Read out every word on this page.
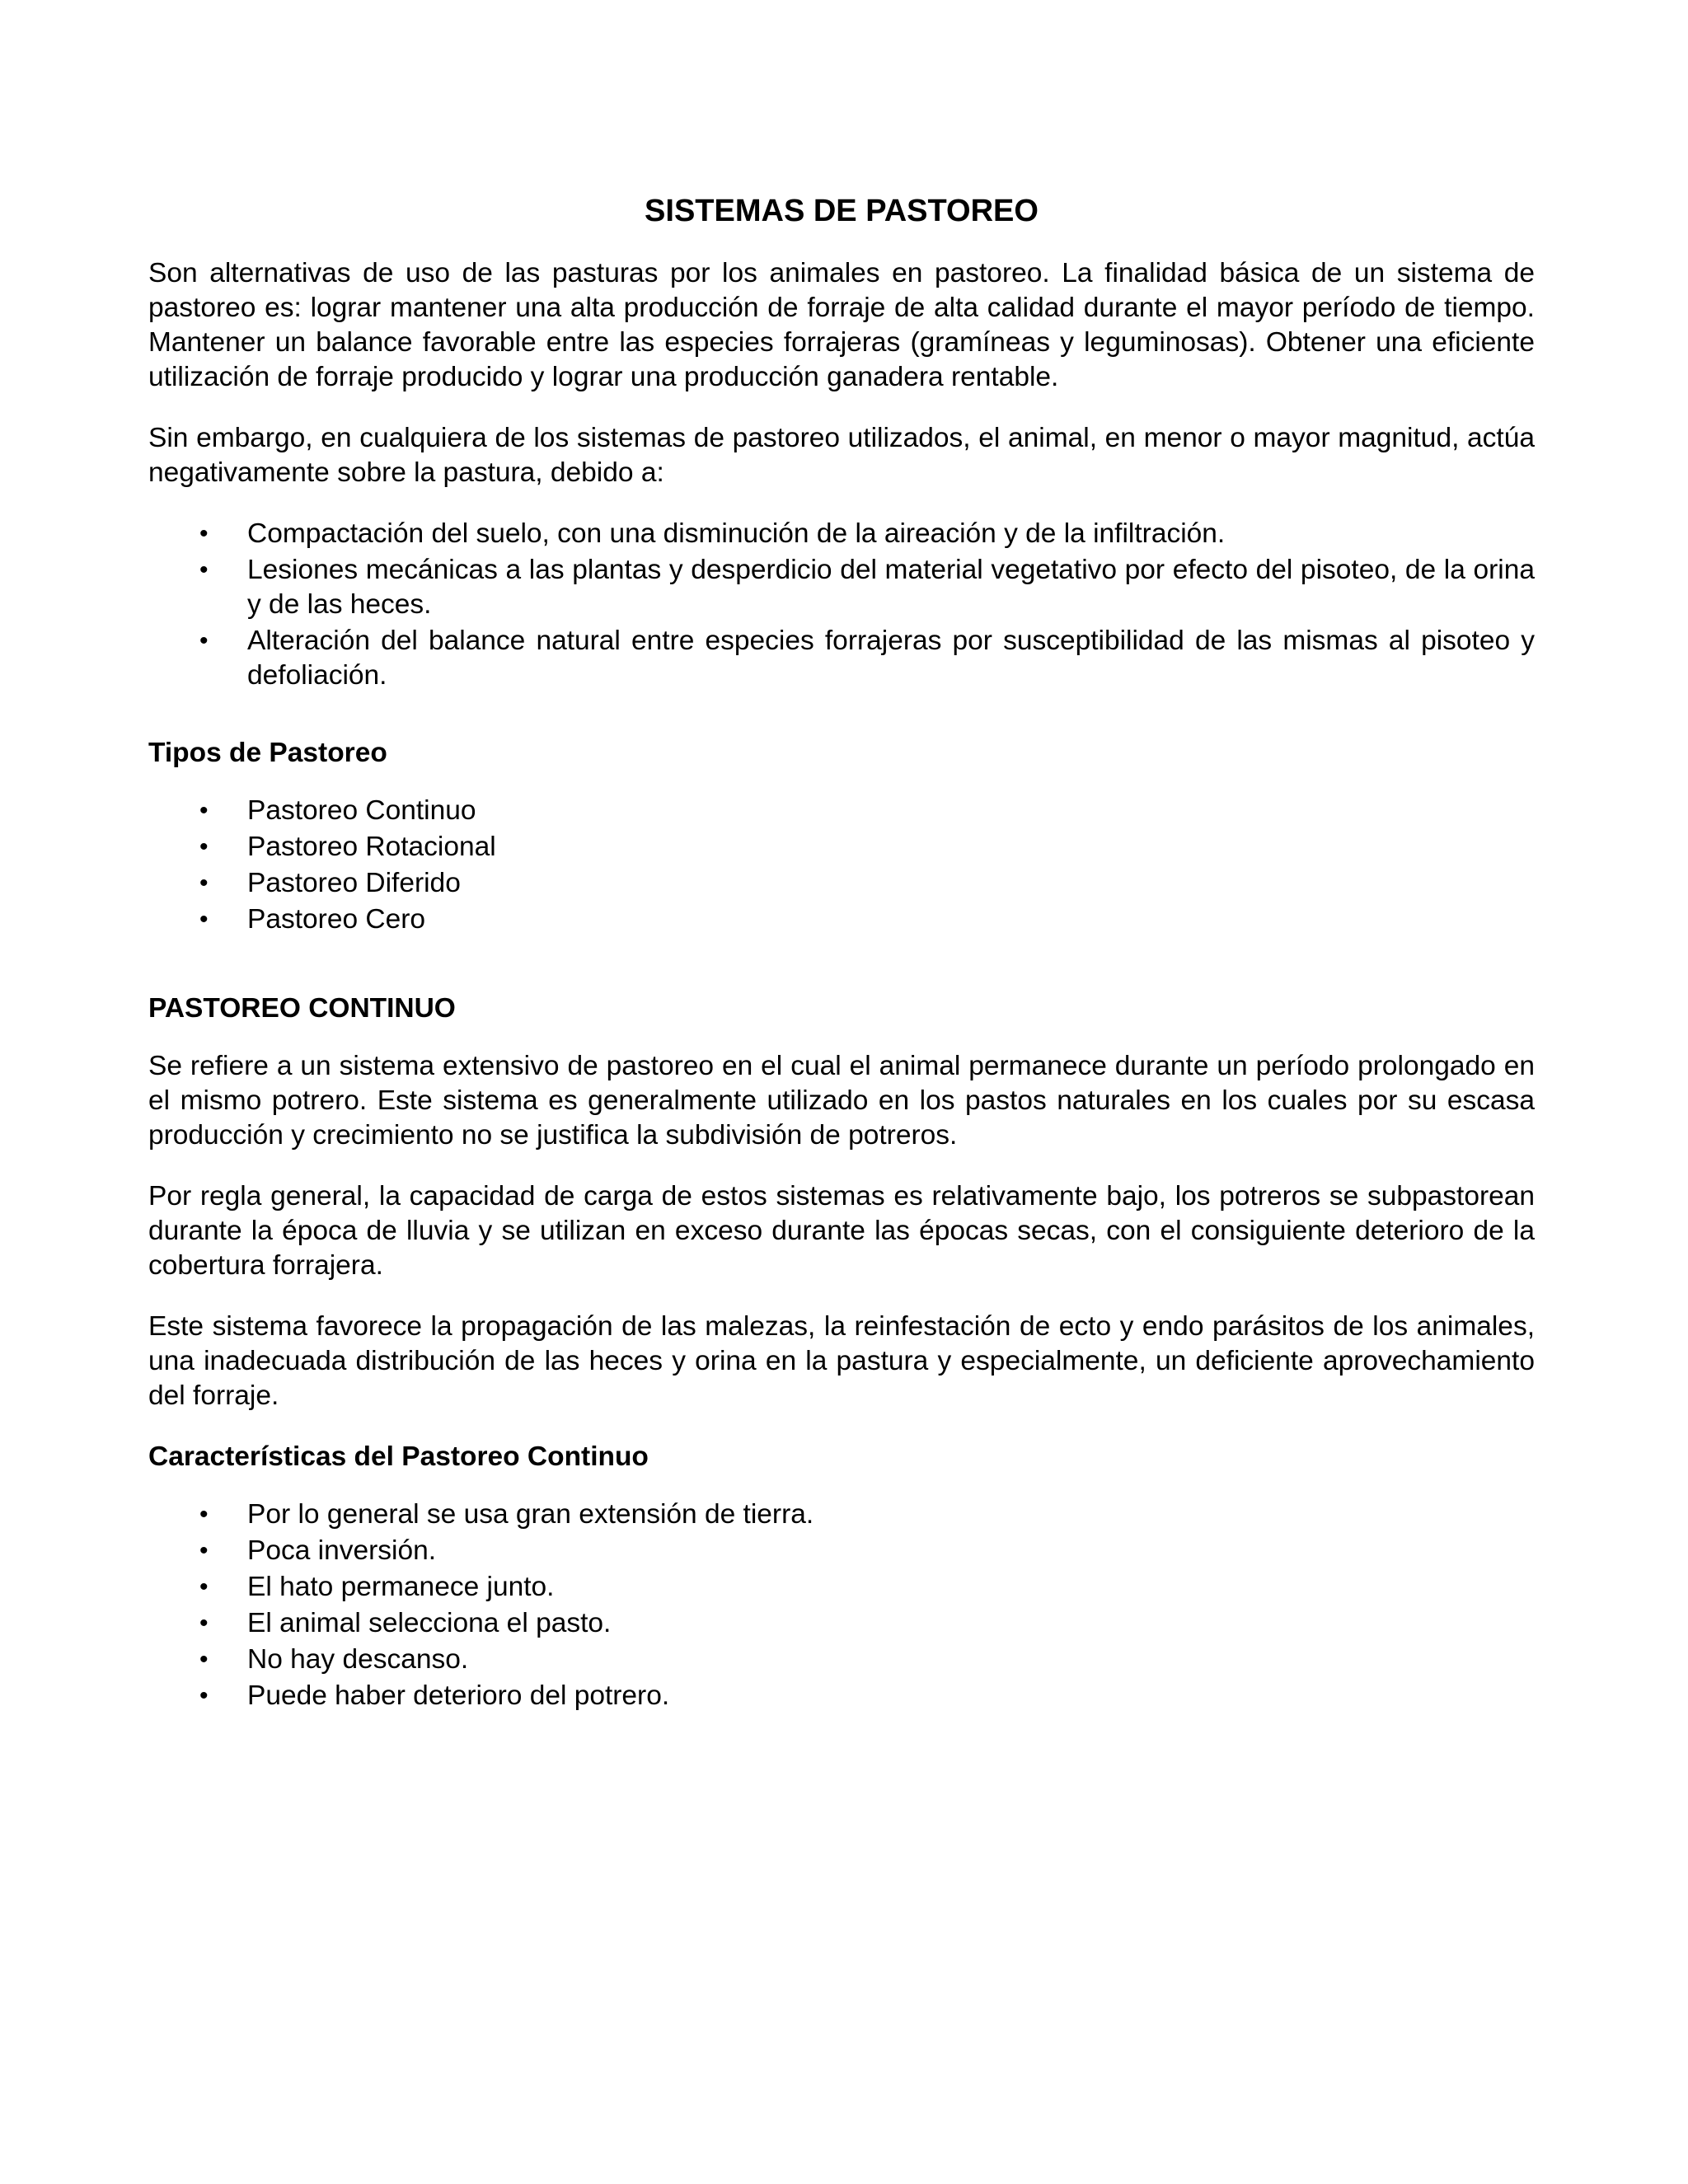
SISTEMAS DE PASTOREO

Son alternativas de uso de las pasturas por los animales en pastoreo. La finalidad básica de un sistema de pastoreo es: lograr mantener una alta producción de forraje de alta calidad durante el mayor período de tiempo. Mantener un balance favorable entre las especies forrajeras (gramíneas y leguminosas). Obtener una eficiente utilización de forraje producido y lograr una producción ganadera rentable.

Sin embargo, en cualquiera de los sistemas de pastoreo utilizados, el animal, en menor o mayor magnitud, actúa negativamente sobre la pastura, debido a:

• Compactación del suelo, con una disminución de la aireación y de la infiltración.
• Lesiones mecánicas a las plantas y desperdicio del material vegetativo por efecto del pisoteo, de la orina y de las heces.
• Alteración del balance natural entre especies forrajeras por susceptibilidad de las mismas al pisoteo y defoliación.
Tipos de Pastoreo
• Pastoreo Continuo
• Pastoreo Rotacional
• Pastoreo Diferido
• Pastoreo Cero
PASTOREO CONTINUO

Se refiere a un sistema extensivo de pastoreo en el cual el animal permanece durante un período prolongado en el mismo potrero. Este sistema es generalmente utilizado en los pastos naturales en los cuales por su escasa producción y crecimiento no se justifica la subdivisión de potreros.

Por regla general, la capacidad de carga de estos sistemas es relativamente bajo, los potreros se subpastorean durante la época de lluvia y se utilizan en exceso durante las épocas secas, con el consiguiente deterioro de la cobertura forrajera.

Este sistema favorece la propagación de las malezas, la reinfestación de ecto y endo parásitos de los animales, una inadecuada distribución de las heces y orina en la pastura y especialmente, un deficiente aprovechamiento del forraje.

Características del Pastoreo Continuo
• Por lo general se usa gran extensión de tierra.
• Poca inversión.
• El hato permanece junto.
• El animal selecciona el pasto.
• No hay descanso.
• Puede haber deterioro del potrero.
